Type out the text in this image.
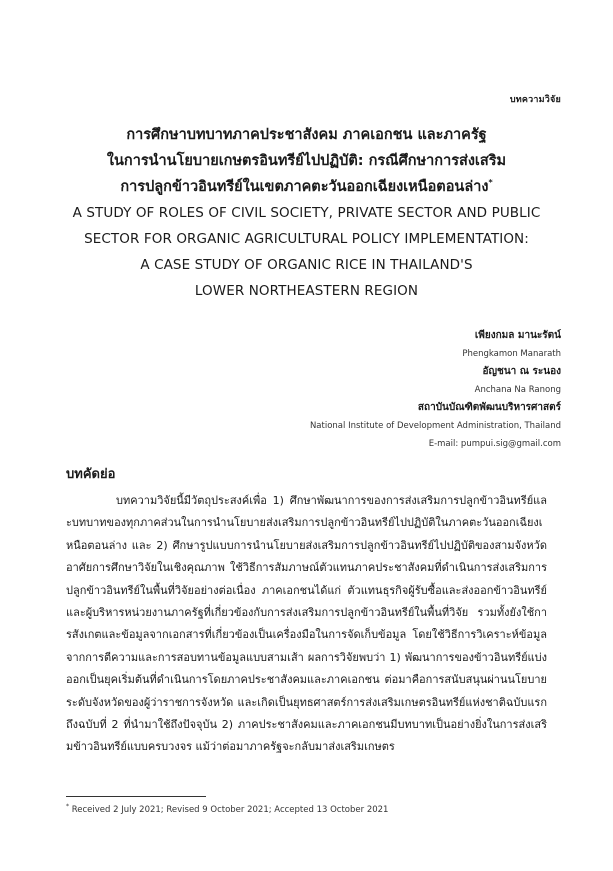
บทความวิจัย

การศึกษาบทบาทภาคประชาสังคม ภาคเอกชน และภาครัฐ

ในการนำนโยบายเกษตรอินทรีย์ไปปฏิบัติ: กรณีศึกษาการส่งเสริม

การปลูกข้าวอินทรีย์ในเขตภาคตะวันออกเฉียงเหนือตอนล่าง*

A STUDY OF ROLES OF CIVIL SOCIETY, PRIVATE SECTOR AND PUBLIC

SECTOR FOR ORGANIC AGRICULTURAL POLICY IMPLEMENTATION:

A CASE STUDY OF ORGANIC RICE IN THAILAND'S

LOWER NORTHEASTERN REGION

เพียงกมล มานะรัตน์
Phengkamon Manarath
อัญชนา ณ ระนอง
Anchana Na Ranong
สถาบันบัณฑิตพัฒนบริหารศาสตร์
National Institute of Development Administration, Thailand
E-mail: pumpui.sig@gmail.com
บทคัดย่อ

บทความวิจัยนี้มีวัตถุประสงค์เพื่อ 1) ศึกษาพัฒนาการของการส่งเสริมการปลูกข้าวอินทรีย์และบทบาทของทุกภาคส่วนในการนำนโยบายส่งเสริมการปลูกข้าวอินทรีย์ไปปฏิบัติในภาคตะวันออกเฉียงเหนือตอนล่าง และ 2) ศึกษารูปแบบการนำนโยบายส่งเสริมการปลูกข้าวอินทรีย์ไปปฏิบัติของสามจังหวัด อาศัยการศึกษาวิจัยในเชิงคุณภาพ ใช้วิธีการสัมภาษณ์ตัวแทนภาคประชาสังคมที่ดำเนินการส่งเสริมการปลูกข้าวอินทรีย์ในพื้นที่วิจัยอย่างต่อเนื่อง ภาคเอกชนได้แก่ ตัวแทนธุรกิจผู้รับซื้อและส่งออกข้าวอินทรีย์และผู้บริหารหน่วยงานภาครัฐที่เกี่ยวข้องกับการส่งเสริมการปลูกข้าวอินทรีย์ในพื้นที่วิจัย รวมทั้งยังใช้การสังเกตและข้อมูลจากเอกสารที่เกี่ยวข้องเป็นเครื่องมือในการจัดเก็บข้อมูล โดยใช้วิธีการวิเคราะห์ข้อมูลจากการตีความและการสอบทานข้อมูลแบบสามเส้า ผลการวิจัยพบว่า 1) พัฒนาการของข้าวอินทรีย์แบ่งออกเป็นยุคเริ่มต้นที่ดำเนินการโดยภาคประชาสังคมและภาคเอกชน ต่อมาคือการสนับสนุนผ่านนโยบายระดับจังหวัดของผู้ว่าราชการจังหวัด และเกิดเป็นยุทธศาสตร์การส่งเสริมเกษตรอินทรีย์แห่งชาติฉบับแรกถึงฉบับที่ 2 ที่นำมาใช้ถึงปัจจุบัน 2) ภาคประชาสังคมและภาคเอกชนมีบทบาทเป็นอย่างยิ่งในการส่งเสริมข้าวอินทรีย์แบบครบวงจร แม้ว่าต่อมาภาครัฐจะกลับมาส่งเสริมเกษตร

* Received 2 July 2021; Revised 9 October 2021; Accepted 13 October 2021
